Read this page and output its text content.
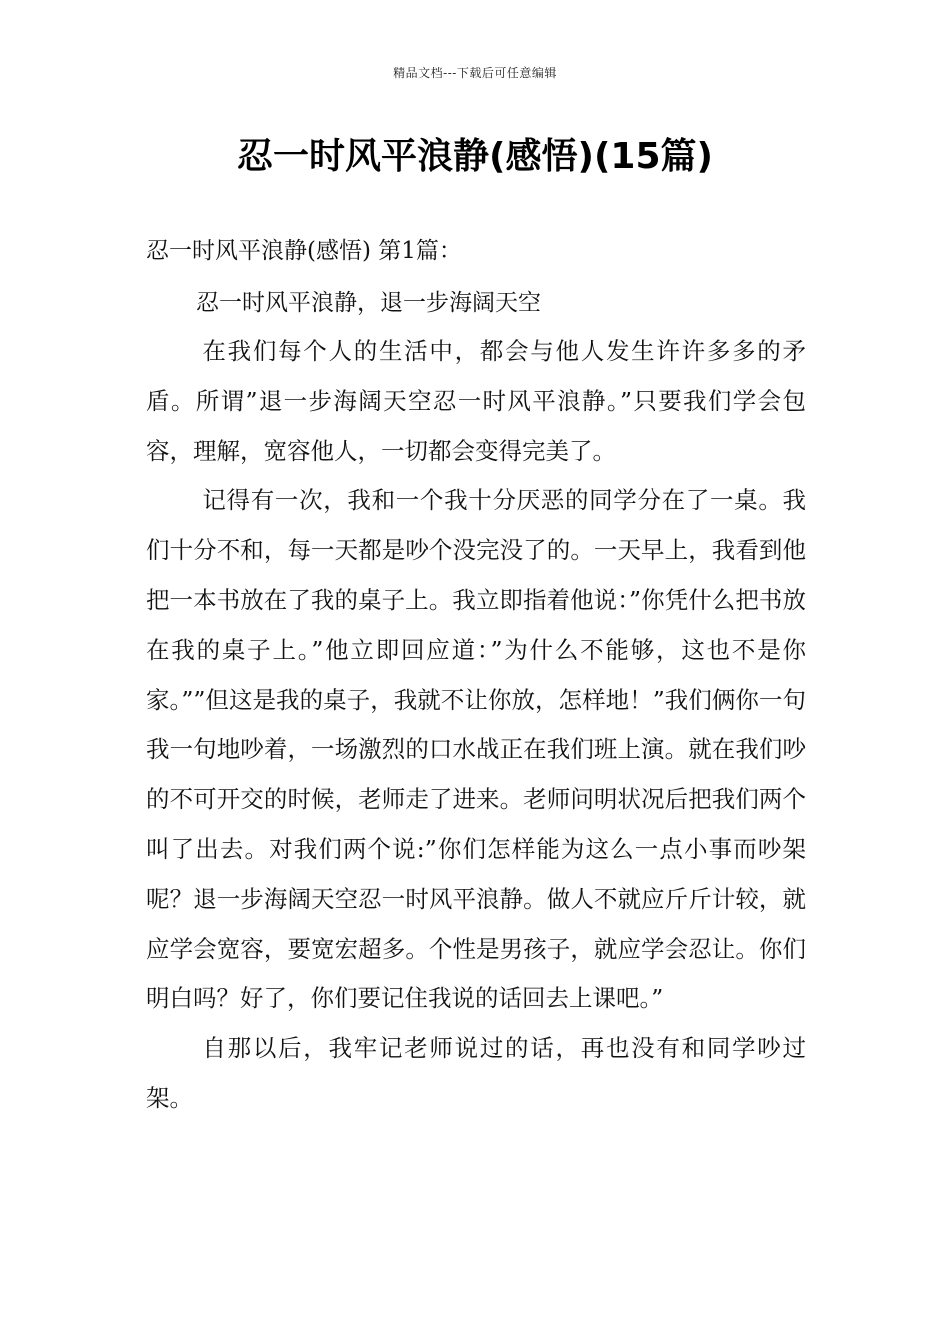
精品文档---下载后可任意编辑
忍一时风平浪静(感悟)(15篇)
忍一时风平浪静(感悟) 第1篇：
忍一时风平浪静，退一步海阔天空

在我们每个人的生活中，都会与他人发生许许多多的矛盾。所谓”退一步海阔天空忍一时风平浪静。”只要我们学会包容，理解，宽容他人，一切都会变得完美了。

记得有一次，我和一个我十分厌恶的同学分在了一桌。我们十分不和，每一天都是吵个没完没了的。一天早上，我看到他把一本书放在了我的桌子上。我立即指着他说：”你凭什么把书放在我的桌子上。”他立即回应道：”为什么不能够，这也不是你家。””但这是我的桌子，我就不让你放，怎样地！”我们俩你一句我一句地吵着，一场激烈的口水战正在我们班上演。就在我们吵的不可开交的时候，老师走了进来。老师问明状况后把我们两个叫了出去。对我们两个说:”你们怎样能为这么一点小事而吵架呢？退一步海阔天空忍一时风平浪静。做人不就应斤斤计较，就应学会宽容，要宽宏超多。个性是男孩子，就应学会忍让。你们明白吗？好了，你们要记住我说的话回去上课吧。”

自那以后，我牢记老师说过的话，再也没有和同学吵过架。
